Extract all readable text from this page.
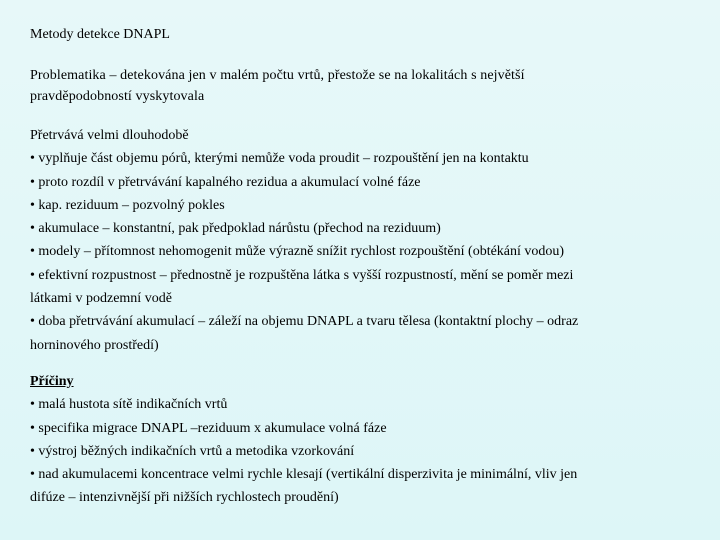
Metody detekce DNAPL
Problematika – detekována jen v malém počtu vrtů, přestože se na lokalitách s největší
pravděpodobností vyskytovala
Přetrvává velmi dlouhodobě
• vyplňuje část objemu pórů, kterými nemůže voda proudit – rozpouštění jen na kontaktu
• proto rozdíl v přetrvávání kapalného rezidua a akumulací volné fáze
• kap. reziduum – pozvolný pokles
• akumulace – konstantní, pak předpoklad nárůstu (přechod na reziduum)
• modely – přítomnost nehomogenit může výrazně snížit rychlost rozpouštění (obtékání vodou)
• efektivní rozpustnost – přednostně je rozpuštěna látka s vyšší rozpustností, mění se poměr mezi
látkami v podzemní vodě
• doba přetrvávání akumulací – záleží na objemu DNAPL a tvaru tělesa (kontaktní plochy – odraz
horninového prostředí)
Příčiny
• malá hustota sítě indikačních vrtů
• specifika migrace DNAPL –reziduum x akumulace volná fáze
• výstroj běžných indikačních vrtů a metodika vzorkování
• nad akumulacemi koncentrace velmi rychle klesají (vertikální disperzivita je minimální, vliv jen
difúze – intenzivnější při nižších rychlostech proudění)
